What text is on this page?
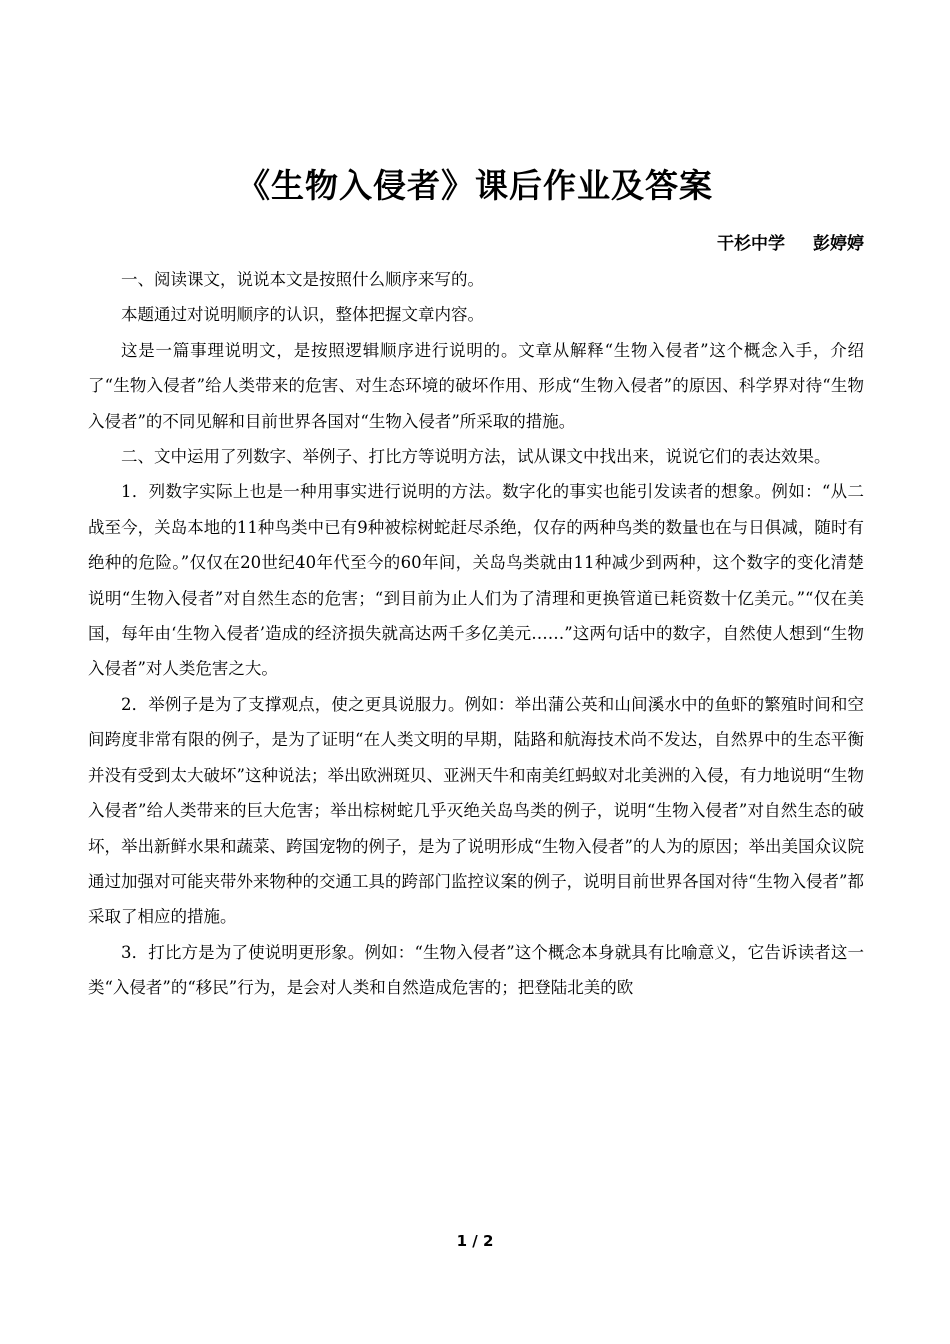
《生物入侵者》课后作业及答案
干杉中学 彭婷婷

一、阅读课文，说说本文是按照什么顺序来写的。

本题通过对说明顺序的认识，整体把握文章内容。

这是一篇事理说明文，是按照逻辑顺序进行说明的。文章从解释“生物入侵者”这个概念入手，介绍了“生物入侵者”给人类带来的危害、对生态环境的破坏作用、形成“生物入侵者”的原因、科学界对待“生物入侵者”的不同见解和目前世界各国对“生物入侵者”所采取的措施。

二、文中运用了列数字、举例子、打比方等说明方法，试从课文中找出来，说说它们的表达效果。

1．列数字实际上也是一种用事实进行说明的方法。数字化的事实也能引发读者的想象。例如：“从二战至今，关岛本地的11种鸟类中已有9种被棕树蛇赶尽杀绝，仅存的两种鸟类的数量也在与日俱减，随时有绝种的危险。”仅仅在20世纪40年代至今的60年间，关岛鸟类就由11种减少到两种，这个数字的变化清楚说明“生物入侵者”对自然生态的危害；“到目前为止人们为了清理和更换管道已耗资数十亿美元。”“仅在美国，每年由‘生物入侵者’造成的经济损失就高达两千多亿美元……”这两句话中的数字，自然使人想到“生物入侵者”对人类危害之大。

2．举例子是为了支撑观点，使之更具说服力。例如：举出蒲公英和山间溪水中的鱼虾的繁殖时间和空间跨度非常有限的例子，是为了证明“在人类文明的早期，陆路和航海技术尚不发达，自然界中的生态平衡并没有受到太大破坏”这种说法；举出欧洲斑贝、亚洲天牛和南美红蚂蚁对北美洲的入侵，有力地说明“生物入侵者”给人类带来的巨大危害；举出棕树蛇几乎灭绝关岛鸟类的例子，说明“生物入侵者”对自然生态的破坏，举出新鲜水果和蔬菜、跨国宠物的例子，是为了说明形成“生物入侵者”的人为的原因；举出美国众议院通过加强对可能夹带外来物种的交通工具的跨部门监控议案的例子，说明目前世界各国对待“生物入侵者”都采取了相应的措施。

3．打比方是为了使说明更形象。例如：“生物入侵者”这个概念本身就具有比喻意义，它告诉读者这一类“入侵者”的“移民”行为，是会对人类和自然造成危害的；把登陆北美的欧

1 / 2
